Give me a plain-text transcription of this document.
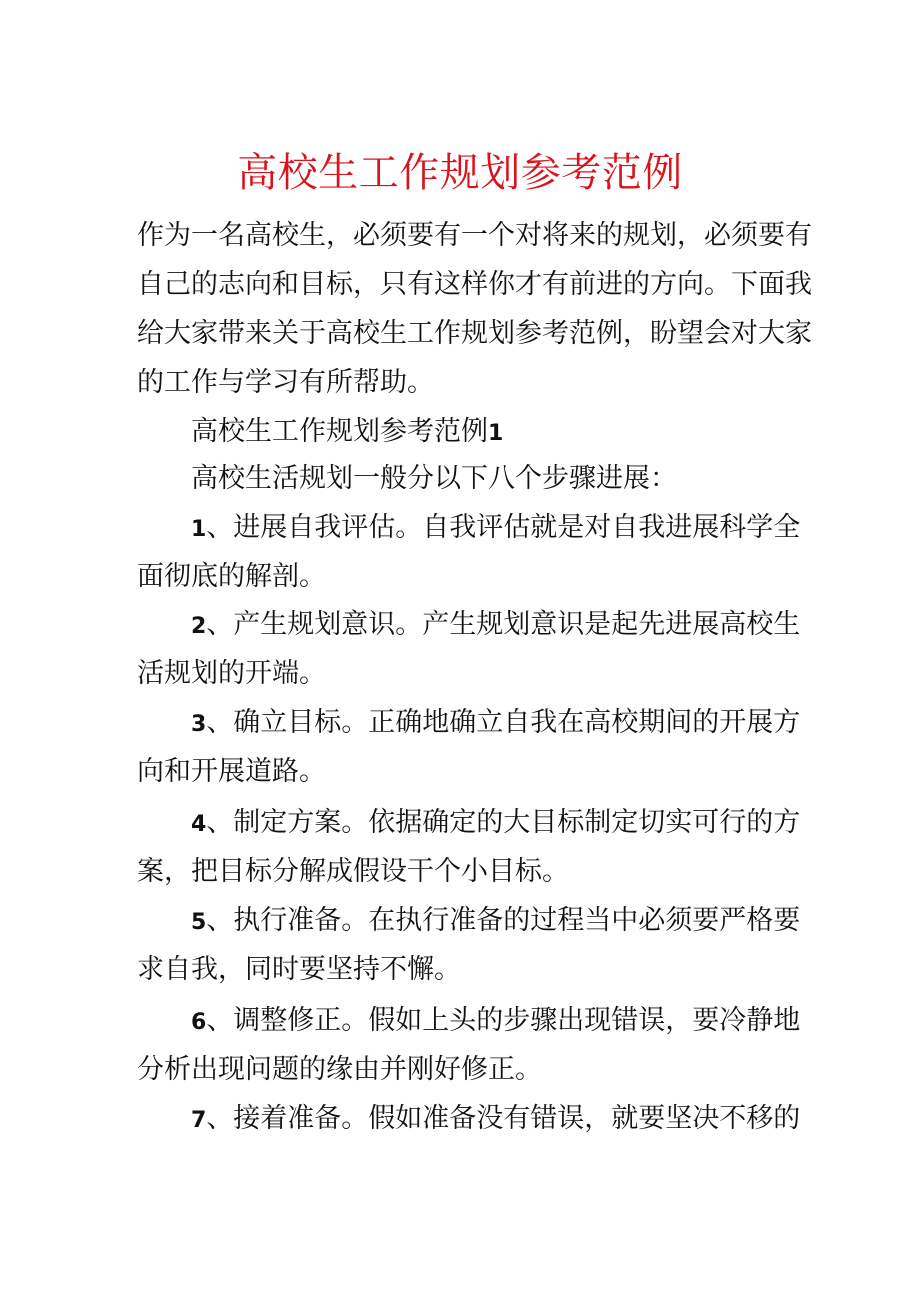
高校生工作规划参考范例
作为一名高校生，必须要有一个对将来的规划，必须要有
自己的志向和目标，只有这样你才有前进的方向。下面我
给大家带来关于高校生工作规划参考范例，盼望会对大家
的工作与学习有所帮助。
高校生工作规划参考范例1
高校生活规划一般分以下八个步骤进展：
1、进展自我评估。自我评估就是对自我进展科学全
面彻底的解剖。
2、产生规划意识。产生规划意识是起先进展高校生
活规划的开端。
3、确立目标。正确地确立自我在高校期间的开展方
向和开展道路。
4、制定方案。依据确定的大目标制定切实可行的方
案，把目标分解成假设干个小目标。
5、执行准备。在执行准备的过程当中必须要严格要
求自我，同时要坚持不懈。
6、调整修正。假如上头的步骤出现错误，要冷静地
分析出现问题的缘由并刚好修正。
7、接着准备。假如准备没有错误，就要坚决不移的
